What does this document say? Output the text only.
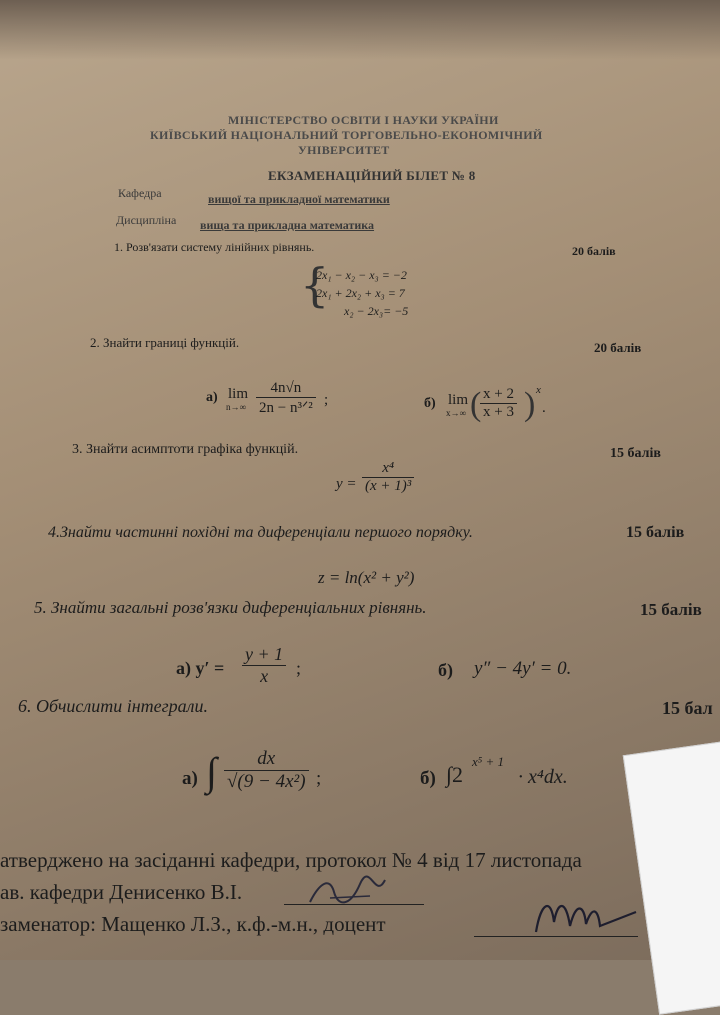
МІНІСТЕРСТВО ОСВІТИ І НАУКИ УКРАЇНИ
КИЇВСЬКИЙ НАЦІОНАЛЬНИЙ ТОРГОВЕЛЬНО-ЕКОНОМІЧНИЙ
УНІВЕРСИТЕТ
ЕКЗАМЕНАЦІЙНИЙ БІЛЕТ № 8
Кафедра	вищої та прикладної математики
Дисципліна вища та прикладна математика
1. Розв'язати систему лінійних рівнянь.	20 балів
{
2x₁ − x₂ − x₃ = −2
2x₁ + 2x₂ + x₃ = 7
x₂ − 2x₃= −5
2. Знайти границі функцій.	20 балів
а) lim
n→∞
4n√n
2n − n³ᐟ² ;	б) lim
x→∞ (
$\frac{x + 2}{x + 3}$ ) x
.
3. Знайти асимптоти графіка функцій.	15 балів
$y = \frac{\text{x⁴}}{\text{(x + 1)³}}$
4.Знайти частинні похідні та диференціали першого порядку.	15 балів
z = ln(x² + y²)
5. Знайти загальні розв'язки диференціальних рівнянь.	15 балів
а) $y' = \frac{y + 1}{x}$ ;	б) y″ − 4y′ = 0.
6. Обчислити інтеграли.	15 бал
а) ∫ $\frac{dx}{\text{√(9 − 4x²)}}$ ;	б) ∫2
x⁵ + 1
· x⁴dx.
атверджено на засіданні кафедри, протокол № 4 від 17 листопада
ав. кафедри Денисенко В.І.
заменатор: Мащенко Л.З., к.ф.-м.н., доцент
